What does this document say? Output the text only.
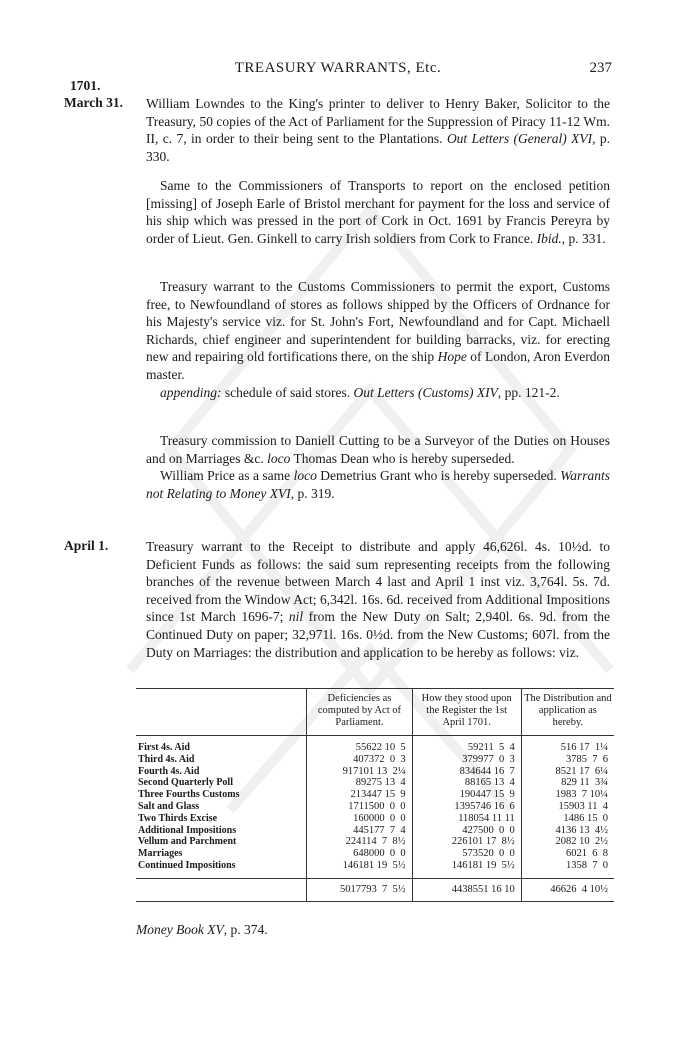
TREASURY WARRANTS, Etc.	237
1701.
March 31.
April 1.

William Lowndes to the King's printer to deliver to Henry Baker, Solicitor to the Treasury, 50 copies of the Act of Parliament for the Suppression of Piracy 11-12 Wm. II, c. 7, in order to their being sent to the Plantations. Out Letters (General) XVI, p. 330.

Same to the Commissioners of Transports to report on the enclosed petition [missing] of Joseph Earle of Bristol merchant for payment for the loss and service of his ship which was pressed in the port of Cork in Oct. 1691 by Francis Pereyra by order of Lieut. Gen. Ginkell to carry Irish soldiers from Cork to France. Ibid., p. 331.

Treasury warrant to the Customs Commissioners to permit the export, Customs free, to Newfoundland of stores as follows shipped by the Officers of Ordnance for his Majesty's service viz. for St. John's Fort, Newfoundland and for Capt. Michaell Richards, chief engineer and superintendent for building barracks, viz. for erecting new and repairing old fortifications there, on the ship Hope of London, Aron Everdon master.

appending: schedule of said stores. Out Letters (Customs) XIV, pp. 121-2.

Treasury commission to Daniell Cutting to be a Surveyor of the Duties on Houses and on Marriages &c. loco Thomas Dean who is hereby superseded.

William Price as a same loco Demetrius Grant who is hereby superseded. Warrants not Relating to Money XVI, p. 319.

Treasury warrant to the Receipt to distribute and apply 46,626l. 4s. 10½d. to Deficient Funds as follows: the said sum representing receipts from the following branches of the revenue between March 4 last and April 1 inst viz. 3,764l. 5s. 7d. received from the Window Act; 6,342l. 16s. 6d. received from Additional Impositions since 1st March 1696-7; nil from the New Duty on Salt; 2,940l. 6s. 9d. from the Continued Duty on paper; 32,971l. 16s. 0½d. from the New Customs; 607l. from the Duty on Marriages: the distribution and application to be hereby as follows: viz.

	Deficiencies as computed by Act of Parliament.	How they stood upon the Register the 1st April 1701.	The Distribution and application as hereby.
First 4s. Aid	55622 10  5	59211  5  4	516 17  1¼
Third 4s. Aid	407372  0  3	379977  0  3	3785  7  6
Fourth 4s. Aid	917101 13  2¼	834644 16  7	8521 17  6¼
Second Quarterly Poll	89275 13  4	88165 13  4	829 11  3¾
Three Fourths Customs	213447 15  9	190447 15  9	1983  7 10¼
Salt and Glass	1711500  0  0	1395746 16  6	15903 11  4
Two Thirds Excise	160000  0  0	118054 11 11	1486 15  0
Additional Impositions	445177  7  4	427500  0  0	4136 13  4½
Vellum and Parchment	224114  7  8½	226101 17  8½	2082 10  2½
Marriages	648000  0  0	573520  0  0	6021  6  8
Continued Impositions	146181 19  5½	146181 19  5½	1358  7  0
	5017793  7  5½	4438551 16 10	46626  4 10½
Money Book XV, p. 374.
